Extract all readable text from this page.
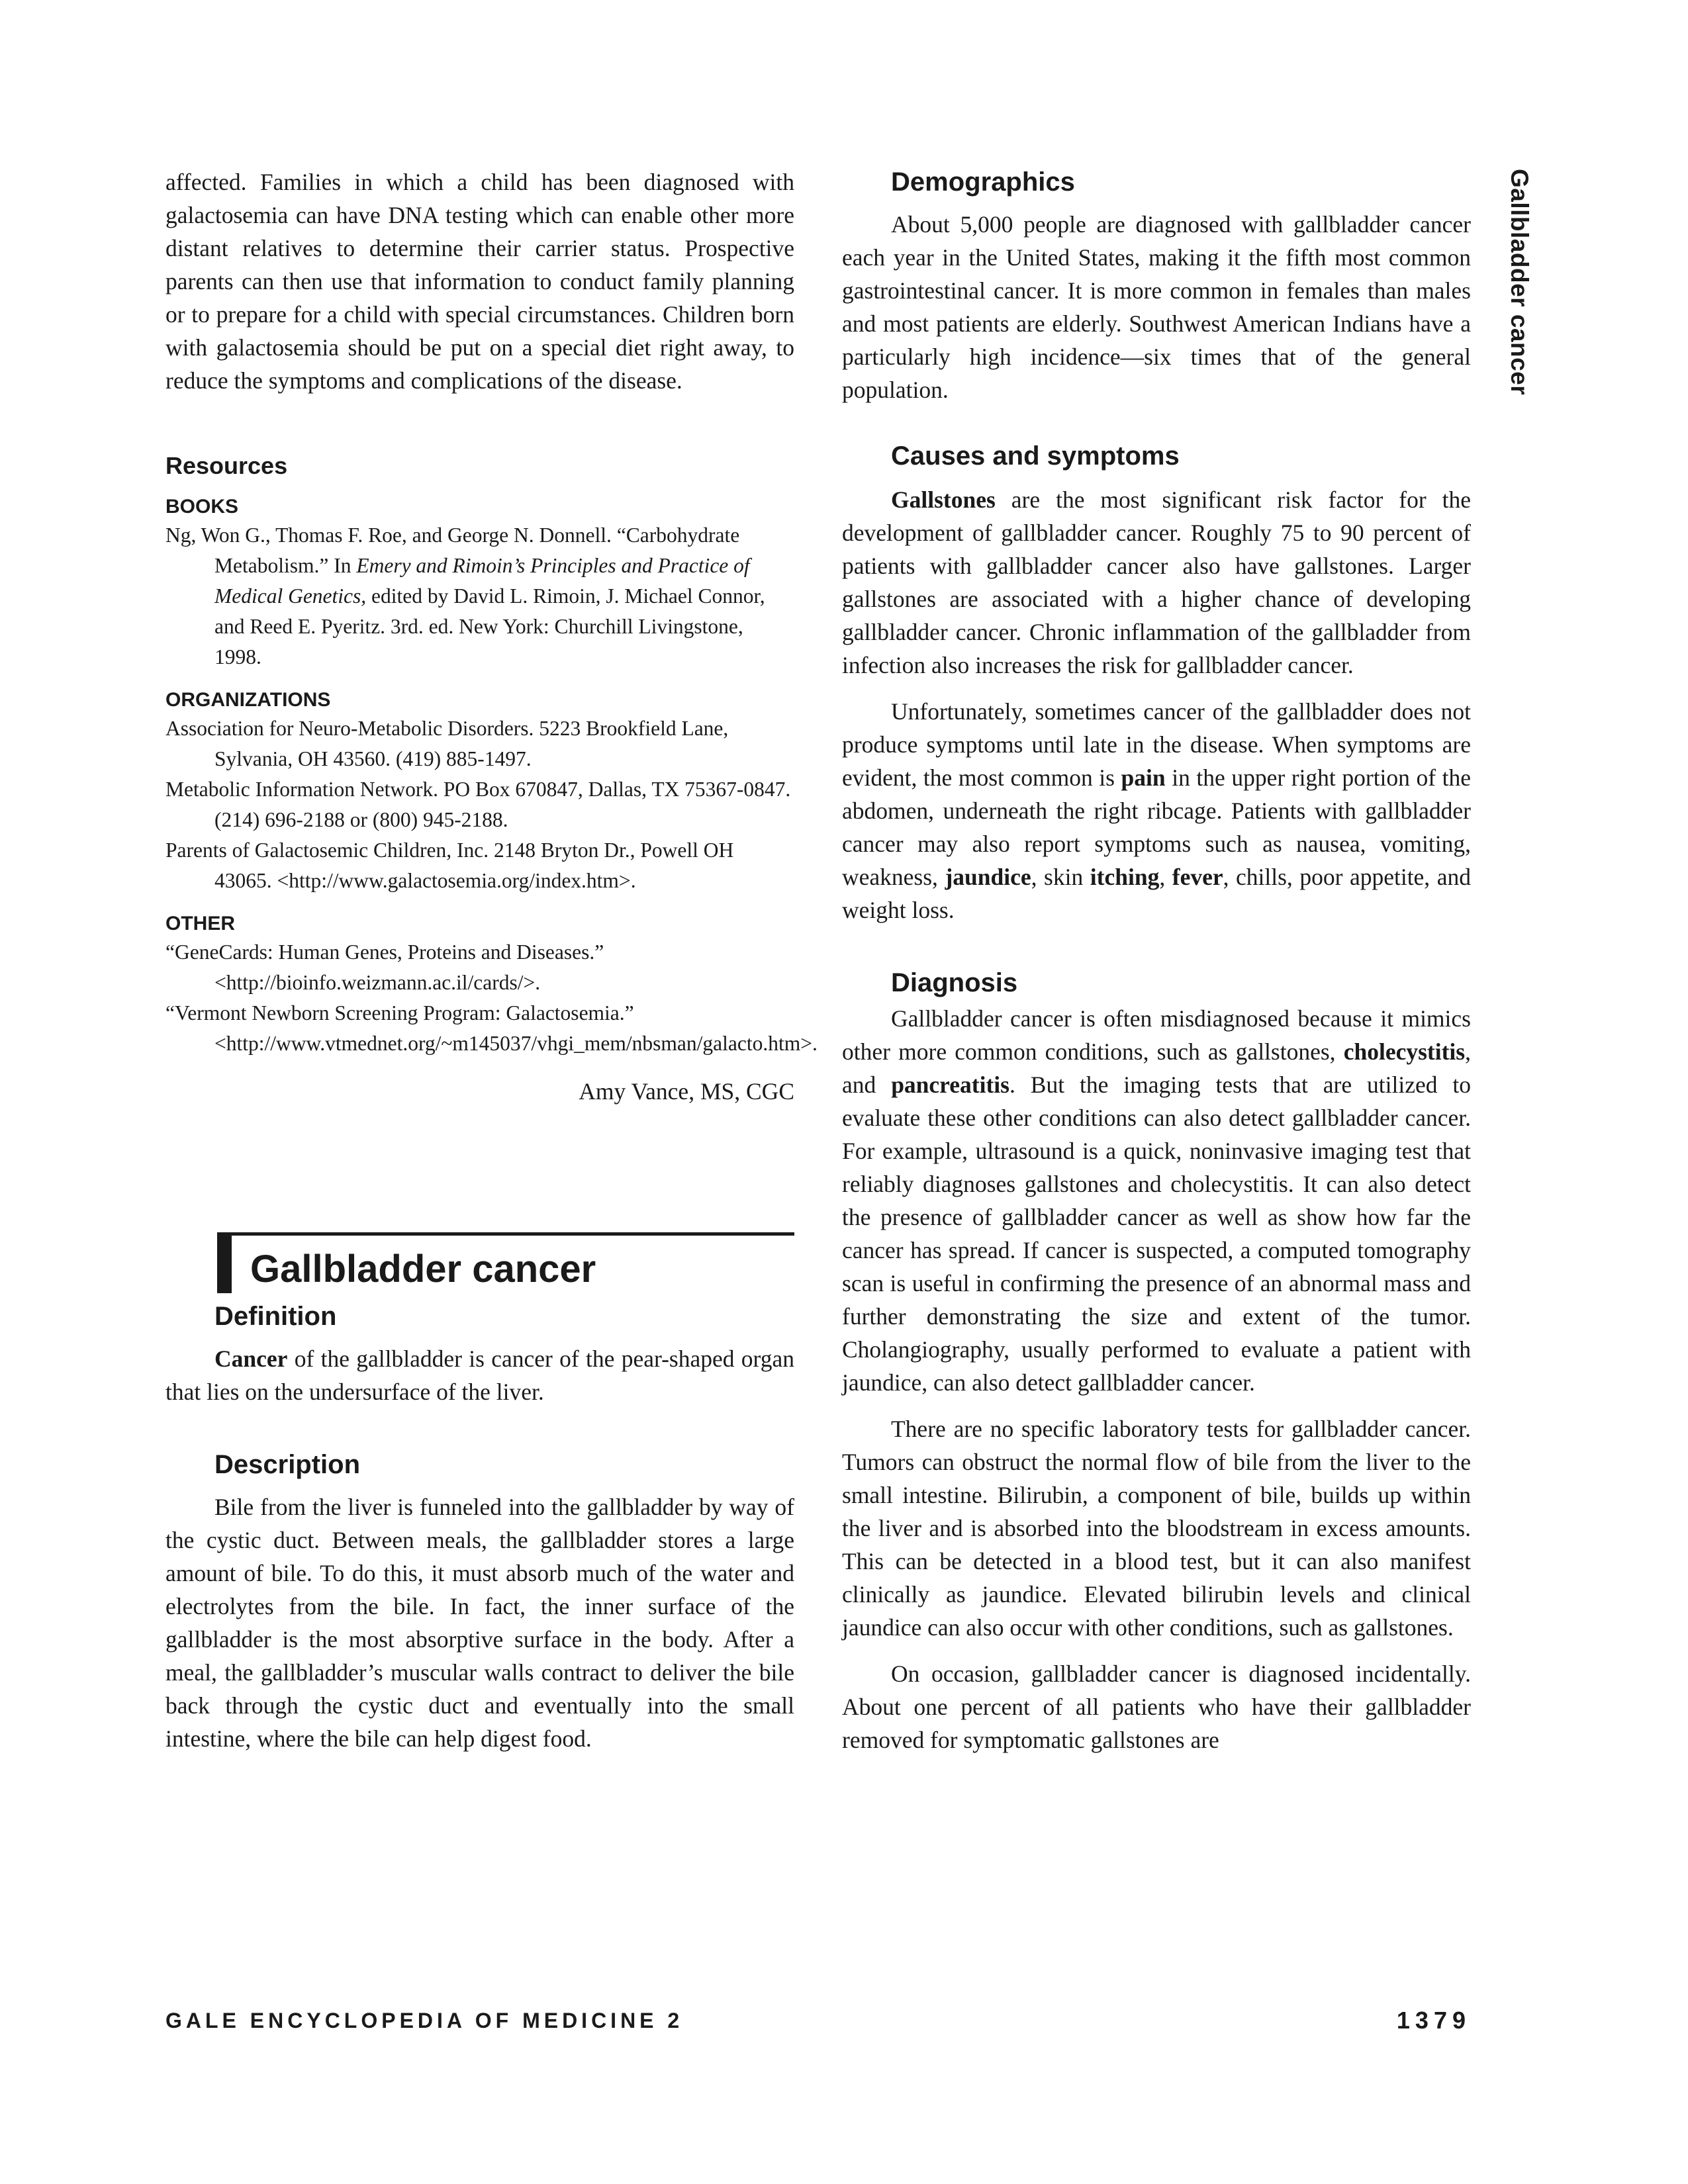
Gallbladder cancer

affected. Families in which a child has been diagnosed with galactosemia can have DNA testing which can enable other more distant relatives to determine their carrier status. Prospective parents can then use that information to conduct family planning or to prepare for a child with special circumstances. Children born with galactosemia should be put on a special diet right away, to reduce the symptoms and complications of the disease.

Resources
BOOKS

Ng, Won G., Thomas F. Roe, and George N. Donnell. “Carbohydrate Metabolism.” In Emery and Rimoin’s Principles and Practice of Medical Genetics, edited by David L. Rimoin, J. Michael Connor, and Reed E. Pyeritz. 3rd. ed. New York: Churchill Livingstone, 1998.

ORGANIZATIONS

Association for Neuro-Metabolic Disorders. 5223 Brookfield Lane, Sylvania, OH 43560. (419) 885-1497.

Metabolic Information Network. PO Box 670847, Dallas, TX 75367-0847. (214) 696-2188 or (800) 945-2188.

Parents of Galactosemic Children, Inc. 2148 Bryton Dr., Powell OH 43065. <http://www.galactosemia.org/index.htm>.

OTHER

“GeneCards: Human Genes, Proteins and Diseases.” <http://bioinfo.weizmann.ac.il/cards/>.

“Vermont Newborn Screening Program: Galactosemia.” <http://www.vtmednet.org/~m145037/vhgi_mem/nbsman/galacto.htm>.

Amy Vance, MS, CGC

Gallbladder cancer
Definition

Cancer of the gallbladder is cancer of the pear-shaped organ that lies on the undersurface of the liver.

Description

Bile from the liver is funneled into the gallbladder by way of the cystic duct. Between meals, the gallbladder stores a large amount of bile. To do this, it must absorb much of the water and electrolytes from the bile. In fact, the inner surface of the gallbladder is the most absorptive surface in the body. After a meal, the gallbladder’s muscular walls contract to deliver the bile back through the cystic duct and eventually into the small intestine, where the bile can help digest food.

Demographics

About 5,000 people are diagnosed with gallbladder cancer each year in the United States, making it the fifth most common gastrointestinal cancer. It is more common in females than males and most patients are elderly. Southwest American Indians have a particularly high incidence—six times that of the general population.

Causes and symptoms

Gallstones are the most significant risk factor for the development of gallbladder cancer. Roughly 75 to 90 percent of patients with gallbladder cancer also have gallstones. Larger gallstones are associated with a higher chance of developing gallbladder cancer. Chronic inflammation of the gallbladder from infection also increases the risk for gallbladder cancer.

Unfortunately, sometimes cancer of the gallbladder does not produce symptoms until late in the disease. When symptoms are evident, the most common is pain in the upper right portion of the abdomen, underneath the right ribcage. Patients with gallbladder cancer may also report symptoms such as nausea, vomiting, weakness, jaundice, skin itching, fever, chills, poor appetite, and weight loss.

Diagnosis

Gallbladder cancer is often misdiagnosed because it mimics other more common conditions, such as gallstones, cholecystitis, and pancreatitis. But the imaging tests that are utilized to evaluate these other conditions can also detect gallbladder cancer. For example, ultrasound is a quick, noninvasive imaging test that reliably diagnoses gallstones and cholecystitis. It can also detect the presence of gallbladder cancer as well as show how far the cancer has spread. If cancer is suspected, a computed tomography scan is useful in confirming the presence of an abnormal mass and further demonstrating the size and extent of the tumor. Cholangiography, usually performed to evaluate a patient with jaundice, can also detect gallbladder cancer.

There are no specific laboratory tests for gallbladder cancer. Tumors can obstruct the normal flow of bile from the liver to the small intestine. Bilirubin, a component of bile, builds up within the liver and is absorbed into the bloodstream in excess amounts. This can be detected in a blood test, but it can also manifest clinically as jaundice. Elevated bilirubin levels and clinical jaundice can also occur with other conditions, such as gallstones.

On occasion, gallbladder cancer is diagnosed incidentally. About one percent of all patients who have their gallbladder removed for symptomatic gallstones are

GALE ENCYCLOPEDIA OF MEDICINE 2	1379
